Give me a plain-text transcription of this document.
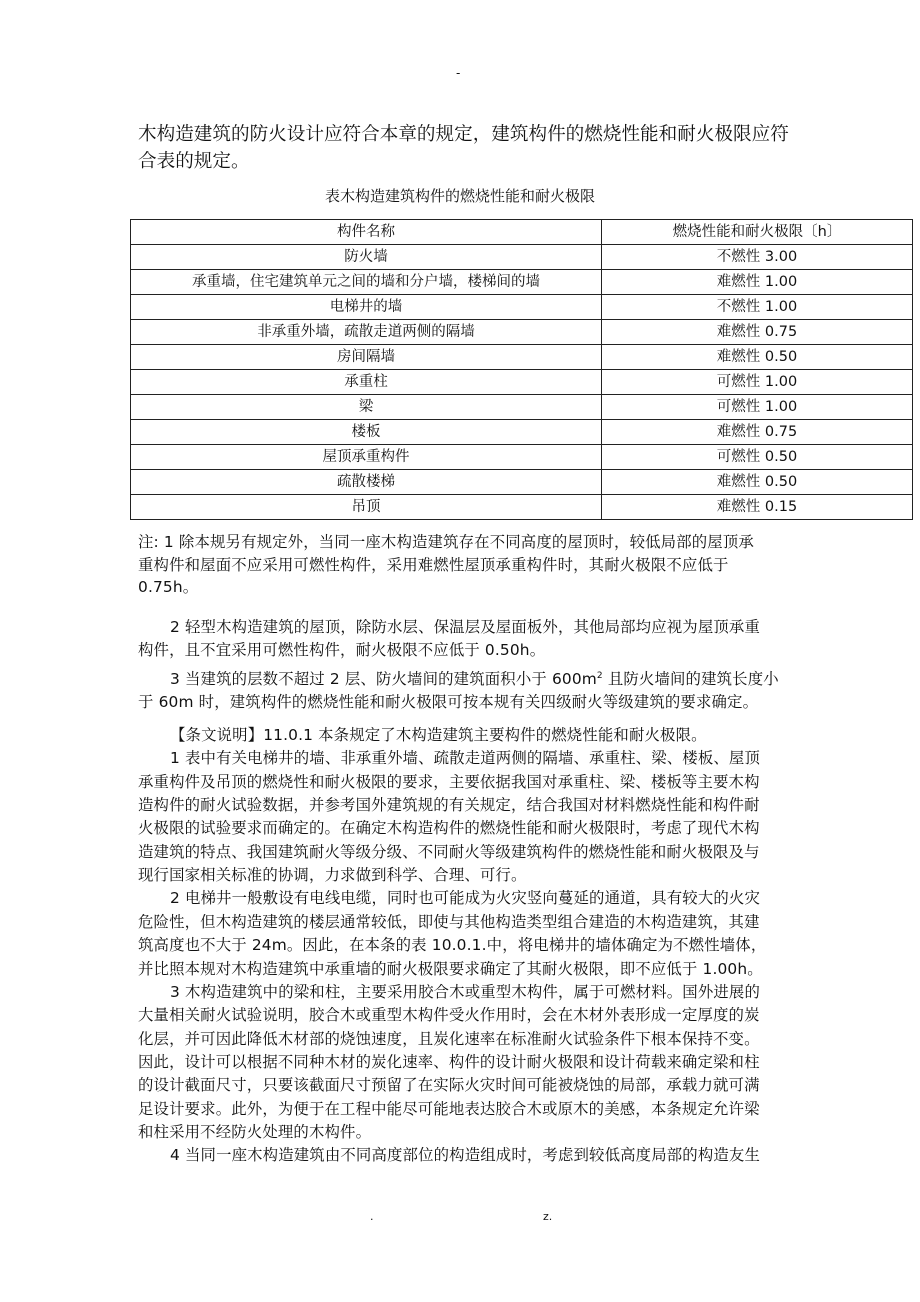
-
木构造建筑的防火设计应符合本章的规定，建筑构件的燃烧性能和耐火极限应符
合表的规定。
表木构造建筑构件的燃烧性能和耐火极限
构件名称	燃烧性能和耐火极限〔h〕
防火墙	不燃性 3.00
承重墙，住宅建筑单元之间的墙和分户墙，楼梯间的墙	难燃性 1.00
电梯井的墙	不燃性 1.00
非承重外墙，疏散走道两侧的隔墙	难燃性 0.75
房间隔墙	难燃性 0.50
承重柱	可燃性 1.00
梁	可燃性 1.00
楼板	难燃性 0.75
屋顶承重构件	可燃性 0.50
疏散楼梯	难燃性 0.50
吊顶	难燃性 0.15
注: 1 除本规另有规定外，当同一座木构造建筑存在不同高度的屋顶时，较低局部的屋顶承
重构件和屋面不应采用可燃性构件，采用难燃性屋顶承重构件时，其耐火极限不应低于
0.75h。
2 轻型木构造建筑的屋顶，除防水层、保温层及屋面板外，其他局部均应视为屋顶承重
构件，且不宜采用可燃性构件，耐火极限不应低于 0.50h。
3 当建筑的层数不超过 2 层、防火墙间的建筑面积小于 $600m^2$ 且防火墙间的建筑长度小
于 60m 时，建筑构件的燃烧性能和耐火极限可按本规有关四级耐火等级建筑的要求确定。
【条文说明】11.0.1 本条规定了木构造建筑主要构件的燃烧性能和耐火极限。
1 表中有关电梯井的墙、非承重外墙、疏散走道两侧的隔墙、承重柱、梁、楼板、屋顶
承重构件及吊顶的燃烧性和耐火极限的要求，主要依据我国对承重柱、梁、楼板等主要木构
造构件的耐火试验数据，并参考国外建筑规的有关规定，结合我国对材料燃烧性能和构件耐
火极限的试验要求而确定的。在确定木构造构件的燃烧性能和耐火极限时，考虑了现代木构
造建筑的特点、我国建筑耐火等级分级、不同耐火等级建筑构件的燃烧性能和耐火极限及与
现行国家相关标准的协调，力求做到科学、合理、可行。
2 电梯井一般敷设有电线电缆，同时也可能成为火灾竖向蔓延的通道，具有较大的火灾
危险性，但木构造建筑的楼层通常较低，即使与其他构造类型组合建造的木构造建筑，其建
筑高度也不大于 24m。因此，在本条的表 10.0.1.中，将电梯井的墙体确定为不燃性墙体，
并比照本规对木构造建筑中承重墙的耐火极限要求确定了其耐火极限，即不应低于 1.00h。
3 木构造建筑中的梁和柱，主要采用胶合木或重型木构件，属于可燃材料。国外进展的
大量相关耐火试验说明，胶合木或重型木构件受火作用时，会在木材外表形成一定厚度的炭
化层，并可因此降低木材部的烧蚀速度，且炭化速率在标准耐火试验条件下根本保持不变。
因此，设计可以根据不同种木材的炭化速率、构件的设计耐火极限和设计荷载来确定梁和柱
的设计截面尺寸，只要该截面尺寸预留了在实际火灾时间可能被烧蚀的局部，承载力就可满
足设计要求。此外，为便于在工程中能尽可能地表达胶合木或原木的美感，本条规定允许梁
和柱采用不经防火处理的木构件。
4 当同一座木构造建筑由不同高度部位的构造组成时，考虑到较低高度局部的构造友生
.	z.
